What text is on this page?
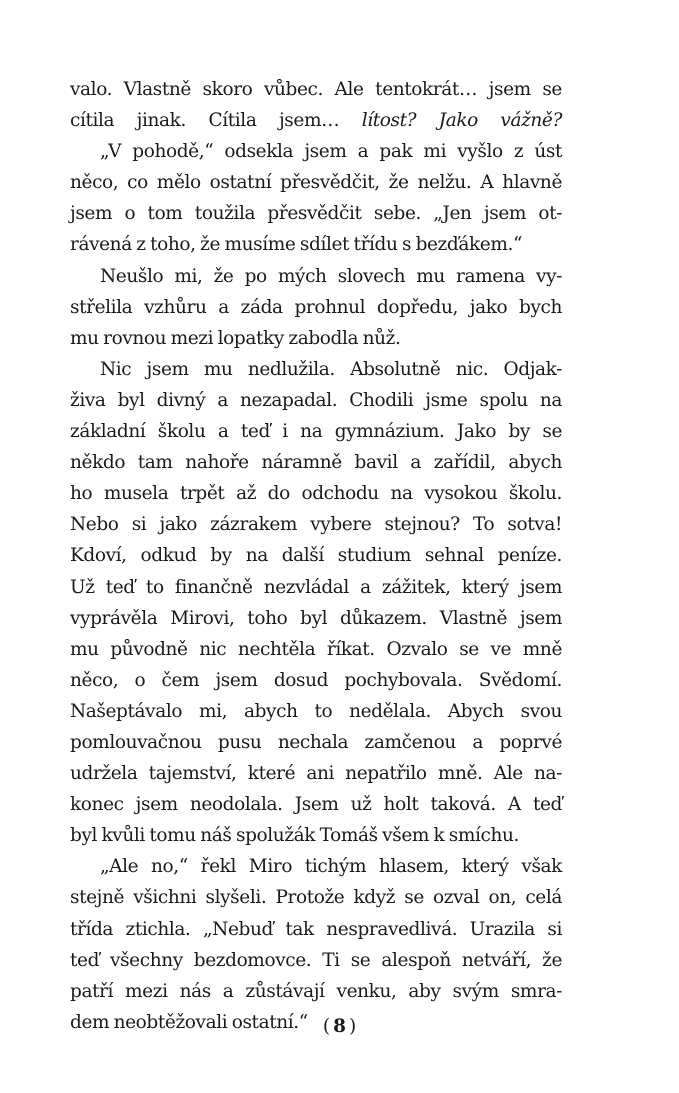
valo. Vlastně skoro vůbec. Ale tentokrát… jsem se
cítila jinak. Cítila jsem… lítost? Jako vážně?
„V pohodě,“ odsekla jsem a pak mi vyšlo z úst
něco, co mělo ostatní přesvědčit, že nelžu. A hlavně
jsem o tom toužila přesvědčit sebe. „Jen jsem ot-
rávená z toho, že musíme sdílet třídu s bezďákem.“
Neušlo mi, že po mých slovech mu ramena vy-
střelila vzhůru a záda prohnul dopředu, jako bych
mu rovnou mezi lopatky zabodla nůž.
Nic jsem mu nedlužila. Absolutně nic. Odjak-
živa byl divný a nezapadal. Chodili jsme spolu na
základní školu a teď i na gymnázium. Jako by se
někdo tam nahoře náramně bavil a zařídil, abych
ho musela trpět až do odchodu na vysokou školu.
Nebo si jako zázrakem vybere stejnou? To sotva!
Kdoví, odkud by na další studium sehnal peníze.
Už teď to finančně nezvládal a zážitek, který jsem
vyprávěla Mirovi, toho byl důkazem. Vlastně jsem
mu původně nic nechtěla říkat. Ozvalo se ve mně
něco, o čem jsem dosud pochybovala. Svědomí.
Našeptávalo mi, abych to nedělala. Abych svou
pomlouvačnou pusu nechala zamčenou a poprvé
udržela tajemství, které ani nepatřilo mně. Ale na-
konec jsem neodolala. Jsem už holt taková. A teď
byl kvůli tomu náš spolužák Tomáš všem k smíchu.
„Ale no,“ řekl Miro tichým hlasem, který však
stejně všichni slyšeli. Protože když se ozval on, celá
třída ztichla. „Nebuď tak nespravedlivá. Urazila si
teď všechny bezdomovce. Ti se alespoň netváří, že
patří mezi nás a zůstávají venku, aby svým smra-
dem neobtěžovali ostatní.“ ( 8 )
